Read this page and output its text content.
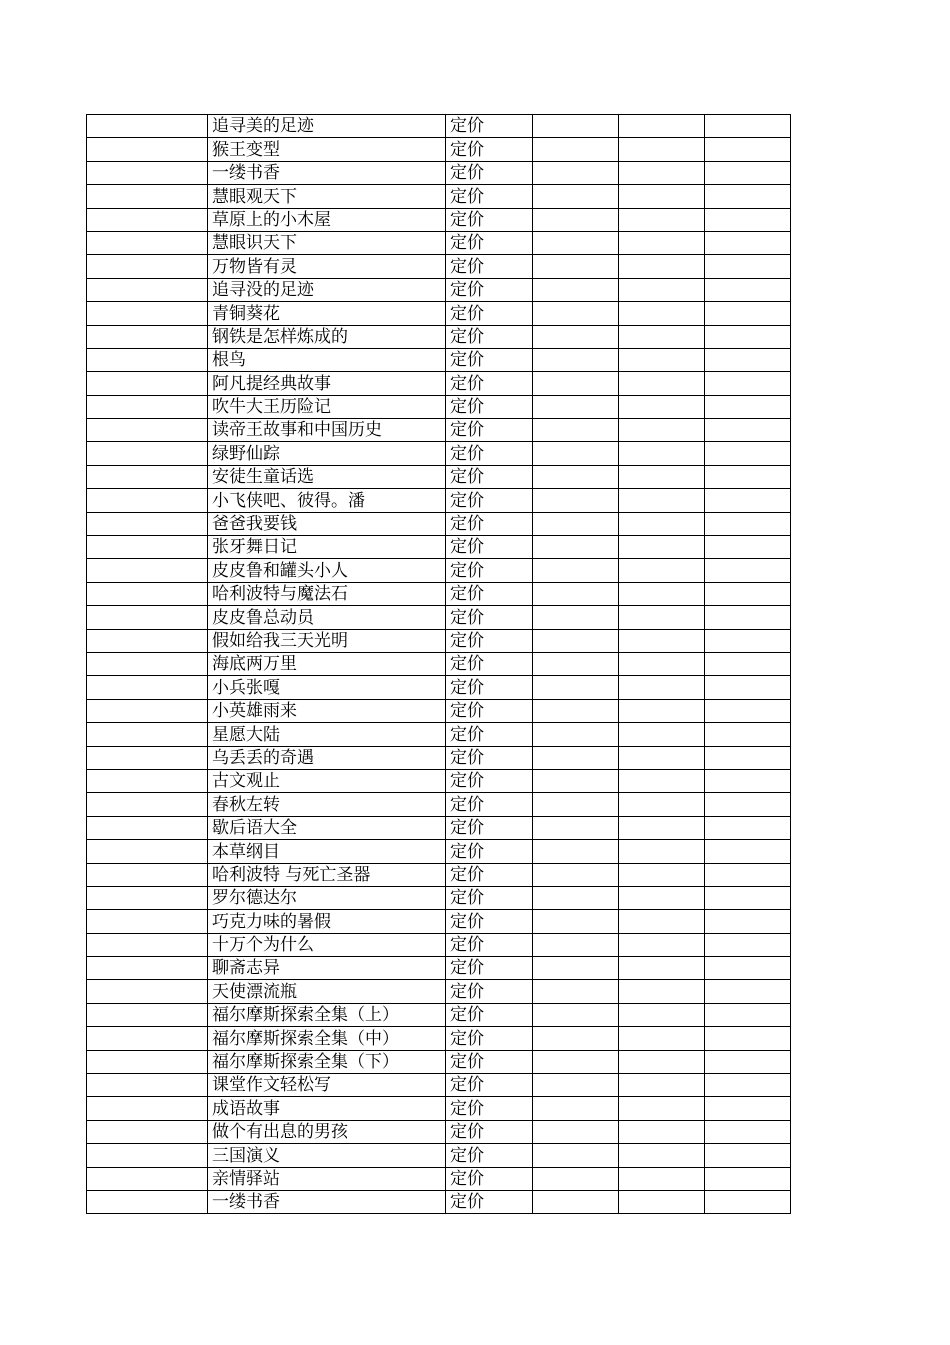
	追寻美的足迹	定价			
	猴王变型	定价			
	一缕书香	定价			
	慧眼观天下	定价			
	草原上的小木屋	定价			
	慧眼识天下	定价			
	万物皆有灵	定价			
	追寻没的足迹	定价			
	青铜葵花	定价			
	钢铁是怎样炼成的	定价			
	根鸟	定价			
	阿凡提经典故事	定价			
	吹牛大王历险记	定价			
	读帝王故事和中国历史	定价			
	绿野仙踪	定价			
	安徒生童话选	定价			
	小飞侠吧、彼得。潘	定价			
	爸爸我要钱	定价			
	张牙舞日记	定价			
	皮皮鲁和罐头小人	定价			
	哈利波特与魔法石	定价			
	皮皮鲁总动员	定价			
	假如给我三天光明	定价			
	海底两万里	定价			
	小兵张嘎	定价			
	小英雄雨来	定价			
	星愿大陆	定价			
	乌丢丢的奇遇	定价			
	古文观止	定价			
	春秋左转	定价			
	歇后语大全	定价			
	本草纲目	定价			
	哈利波特 与死亡圣器	定价			
	罗尔德达尔	定价			
	巧克力味的暑假	定价			
	十万个为什么	定价			
	聊斋志异	定价			
	天使漂流瓶	定价			
	福尔摩斯探索全集（上）	定价			
	福尔摩斯探索全集（中）	定价			
	福尔摩斯探索全集（下）	定价			
	课堂作文轻松写	定价			
	成语故事	定价			
	做个有出息的男孩	定价			
	三国演义	定价			
	亲情驿站	定价			
	一缕书香	定价			
